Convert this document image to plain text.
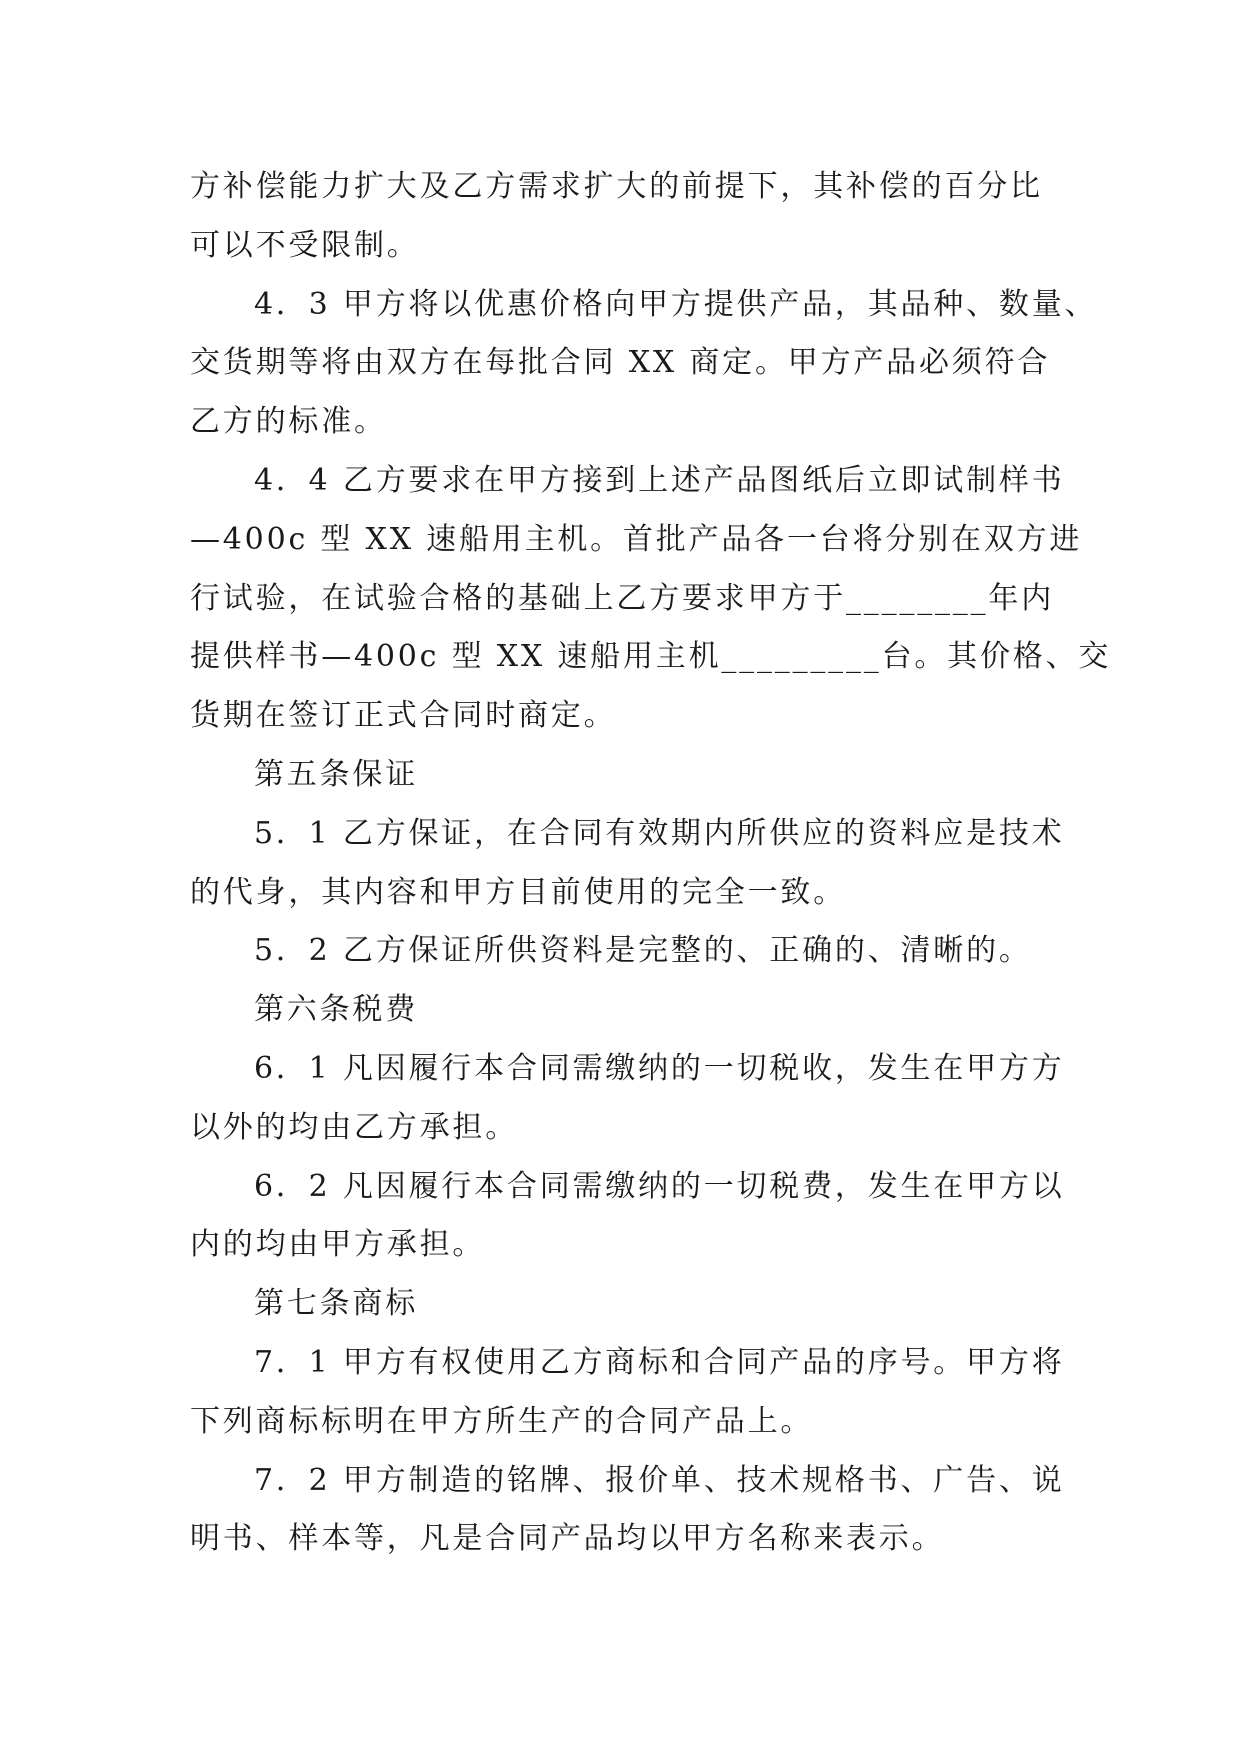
方补偿能力扩大及乙方需求扩大的前提下，其补偿的百分比
可以不受限制。
4．3 甲方将以优惠价格向甲方提供产品，其品种、数量、
交货期等将由双方在每批合同 XX 商定。甲方产品必须符合
乙方的标准。
4．4 乙方要求在甲方接到上述产品图纸后立即试制样书
—400c 型 XX 速船用主机。首批产品各一台将分别在双方进
行试验，在试验合格的基础上乙方要求甲方于________年内
提供样书—400c 型 XX 速船用主机_________台。其价格、交
货期在签订正式合同时商定。
第五条保证
5．1 乙方保证，在合同有效期内所供应的资料应是技术
的代身，其内容和甲方目前使用的完全一致。
5．2 乙方保证所供资料是完整的、正确的、清晰的。
第六条税费
6．1 凡因履行本合同需缴纳的一切税收，发生在甲方方
以外的均由乙方承担。
6．2 凡因履行本合同需缴纳的一切税费，发生在甲方以
内的均由甲方承担。
第七条商标
7．1 甲方有权使用乙方商标和合同产品的序号。甲方将
下列商标标明在甲方所生产的合同产品上。
7．2 甲方制造的铭牌、报价单、技术规格书、广告、说
明书、样本等，凡是合同产品均以甲方名称来表示。
